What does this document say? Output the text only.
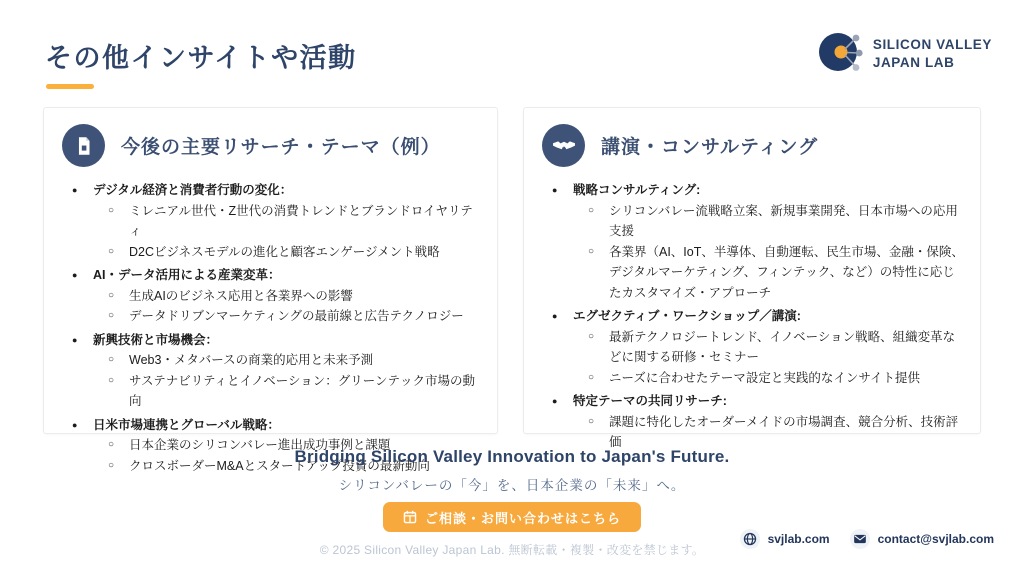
その他インサイトや活動	SILICON VALLEY
JAPAN LAB
今後の主要リサーチ・テーマ（例）
●	デジタル経済と消費者行動の変化：
○	ミレニアル世代・Z世代の消費トレンドとブランドロイヤリティ
○	D2Cビジネスモデルの進化と顧客エンゲージメント戦略
●	AI・データ活用による産業変革：
○	生成AIのビジネス応用と各業界への影響
○	データドリブンマーケティングの最前線と広告テクノロジー
●	新興技術と市場機会：
○	Web3・メタバースの商業的応用と未来予測
○	サステナビリティとイノベーション：グリーンテック市場の動向
●	日米市場連携とグローバル戦略：
○	日本企業のシリコンバレー進出成功事例と課題
○	クロスボーダーM&Aとスタートアップ投資の最新動向
講演・コンサルティング
●	戦略コンサルティング:
○	シリコンバレー流戦略立案、新規事業開発、日本市場への応用支援
○	各業界（AI、IoT、半導体、自動運転、民生市場、金融・保険、デジタルマーケティング、フィンテック、など）の特性に応じたカスタマイズ・アプローチ
●	エグゼクティブ・ワークショップ／講演:
○	最新テクノロジートレンド、イノベーション戦略、組織変革などに関する研修・セミナー
○	ニーズに合わせたテーマ設定と実践的なインサイト提供
●	特定テーマの共同リサーチ:
○	課題に特化したオーダーメイドの市場調査、競合分析、技術評価
Bridging Silicon Valley Innovation to Japan's Future.
シリコンバレーの「今」を、日本企業の「未来」へ。
ご相談・お問い合わせはこちら
© 2025 Silicon Valley Japan Lab. 無断転載・複製・改変を禁じます。
svjlab.com	contact@svjlab.com
